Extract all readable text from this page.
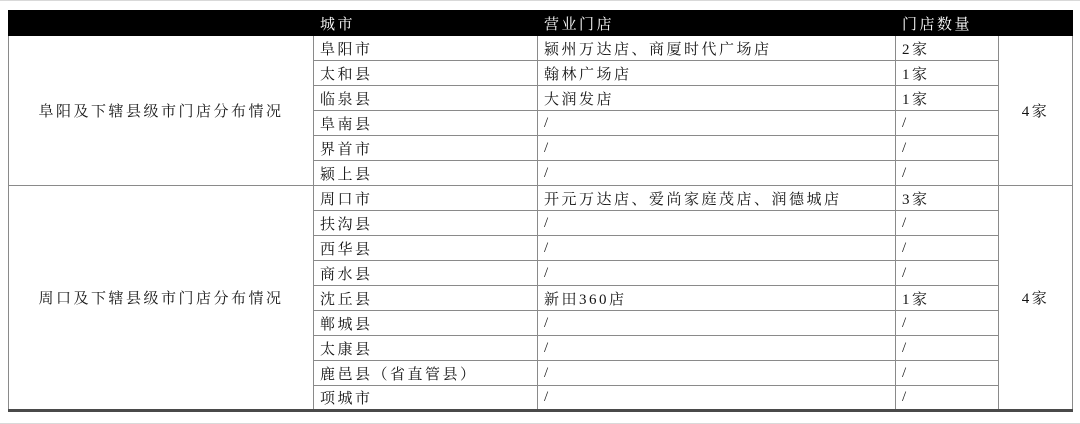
	城市	营业门店	门店数量	
阜阳及下辖县级市门店分布情况	阜阳市	颍州万达店、商厦时代广场店	2家	4家
	太和县	翰林广场店	1家	
	临泉县	大润发店	1家	
	阜南县	/	/	
	界首市	/	/	
	颍上县	/	/	
周口及下辖县级市门店分布情况	周口市	开元万达店、爱尚家庭茂店、润德城店	3家	4家
	扶沟县	/	/	
	西华县	/	/	
	商水县	/	/	
	沈丘县	新田360店	1家	
	郸城县	/	/	
	太康县	/	/	
	鹿邑县（省直管县）	/	/	
	项城市	/	/	
